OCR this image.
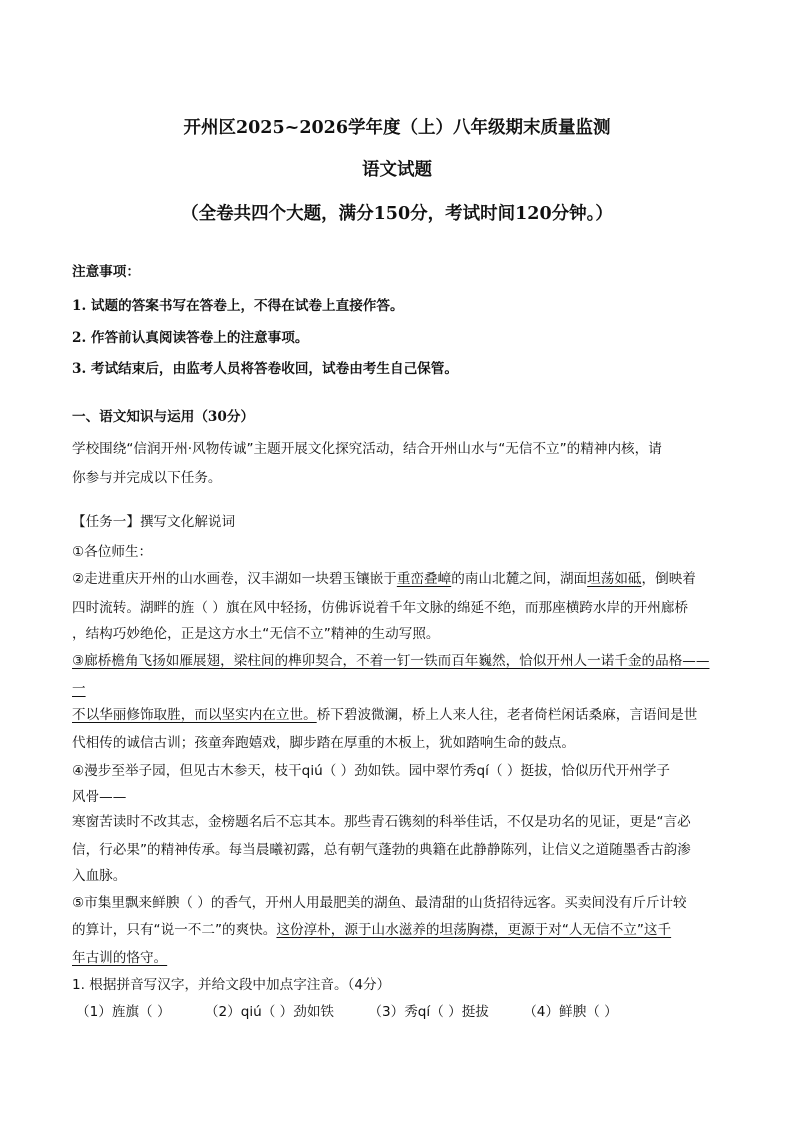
开州区2025~2026学年度（上）八年级期末质量监测
语文试题
（全卷共四个大题，满分150分，考试时间120分钟。）
注意事项：
1. 试题的答案书写在答卷上，不得在试卷上直接作答。
2. 作答前认真阅读答卷上的注意事项。
3. 考试结束后，由监考人员将答卷收回，试卷由考生自己保管。
一、语文知识与运用（30分）
学校围绕“信润开州·风物传诚”主题开展文化探究活动，结合开州山水与“无信不立”的精神内核，请
你参与并完成以下任务。
【任务一】撰写文化解说词
①各位师生：
②走进重庆开州的山水画卷，汉丰湖如一块碧玉镶嵌于重峦叠嶂的南山北麓之间，湖面坦荡如砥，倒映着
四时流转。湖畔的旌（ ）旗在风中轻扬，仿佛诉说着千年文脉的绵延不绝，而那座横跨水岸的开州廊桥
，结构巧妙绝伦，正是这方水土“无信不立”精神的生动写照。
③廊桥檐角飞扬如雁展翅，梁柱间的榫卯契合，不着一钉一铁而百年巍然，恰似开州人一诺千金的品格——
一
不以华丽修饰取胜，而以坚实内在立世。桥下碧波微澜，桥上人来人往，老者倚栏闲话桑麻，言语间是世
代相传的诚信古训；孩童奔跑嬉戏，脚步踏在厚重的木板上，犹如踏响生命的鼓点。
④漫步至举子园，但见古木参天，枝干qiú（ ）劲如铁。园中翠竹秀qí（ ）挺拔，恰似历代开州学子
风骨——
寒窗苦读时不改其志，金榜题名后不忘其本。那些青石镌刻的科举佳话，不仅是功名的见证，更是“言必
信，行必果”的精神传承。每当晨曦初露，总有朝气蓬勃的典籍在此静静陈列，让信义之道随墨香古韵渗
入血脉。
⑤市集里飘来鲜腴（ ）的香气，开州人用最肥美的湖鱼、最清甜的山货招待远客。买卖间没有斤斤计较
的算计，只有“说一不二”的爽快。这份淳朴，源于山水滋养的坦荡胸襟，更源于对“人无信不立”这千
年古训的恪守。
1. 根据拼音写汉字，并给文段中加点字注音。（4分）
（1）旌旗（ ）	（2）qiú（ ）劲如铁	（3）秀qí（ ）挺拔	（4）鲜腴（ ）
